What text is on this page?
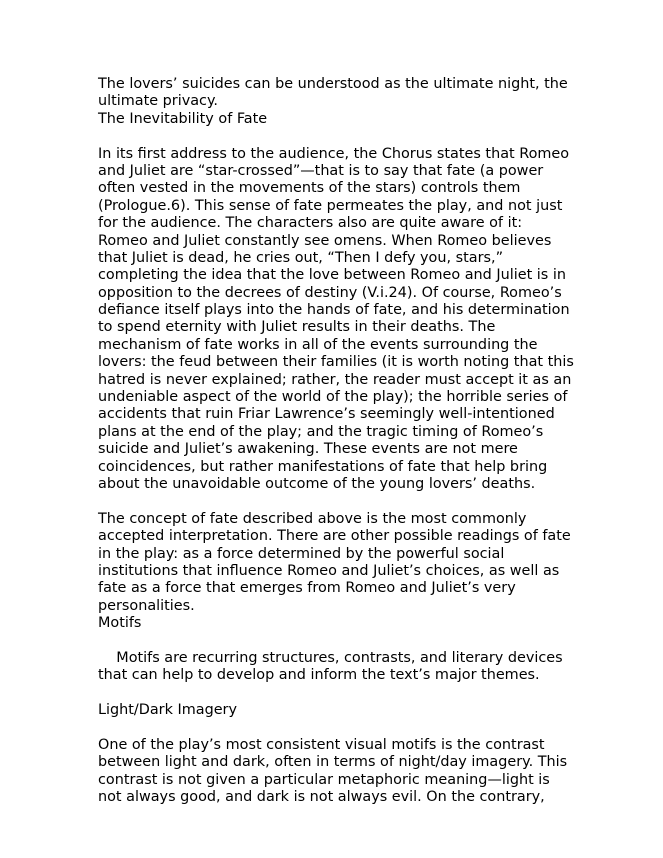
The lovers’ suicides can be understood as the ultimate night, the
ultimate privacy.
The Inevitability of Fate
In its first address to the audience, the Chorus states that Romeo
and Juliet are “star-crossed”—that is to say that fate (a power
often vested in the movements of the stars) controls them
(Prologue.6). This sense of fate permeates the play, and not just
for the audience. The characters also are quite aware of it:
Romeo and Juliet constantly see omens. When Romeo believes
that Juliet is dead, he cries out, “Then I defy you, stars,”
completing the idea that the love between Romeo and Juliet is in
opposition to the decrees of destiny (V.i.24). Of course, Romeo’s
defiance itself plays into the hands of fate, and his determination
to spend eternity with Juliet results in their deaths. The
mechanism of fate works in all of the events surrounding the
lovers: the feud between their families (it is worth noting that this
hatred is never explained; rather, the reader must accept it as an
undeniable aspect of the world of the play); the horrible series of
accidents that ruin Friar Lawrence’s seemingly well-intentioned
plans at the end of the play; and the tragic timing of Romeo’s
suicide and Juliet’s awakening. These events are not mere
coincidences, but rather manifestations of fate that help bring
about the unavoidable outcome of the young lovers’ deaths.
The concept of fate described above is the most commonly
accepted interpretation. There are other possible readings of fate
in the play: as a force determined by the powerful social
institutions that influence Romeo and Juliet’s choices, as well as
fate as a force that emerges from Romeo and Juliet’s very
personalities.
Motifs
Motifs are recurring structures, contrasts, and literary devices
that can help to develop and inform the text’s major themes.
Light/Dark Imagery
One of the play’s most consistent visual motifs is the contrast
between light and dark, often in terms of night/day imagery. This
contrast is not given a particular metaphoric meaning—light is
not always good, and dark is not always evil. On the contrary,
